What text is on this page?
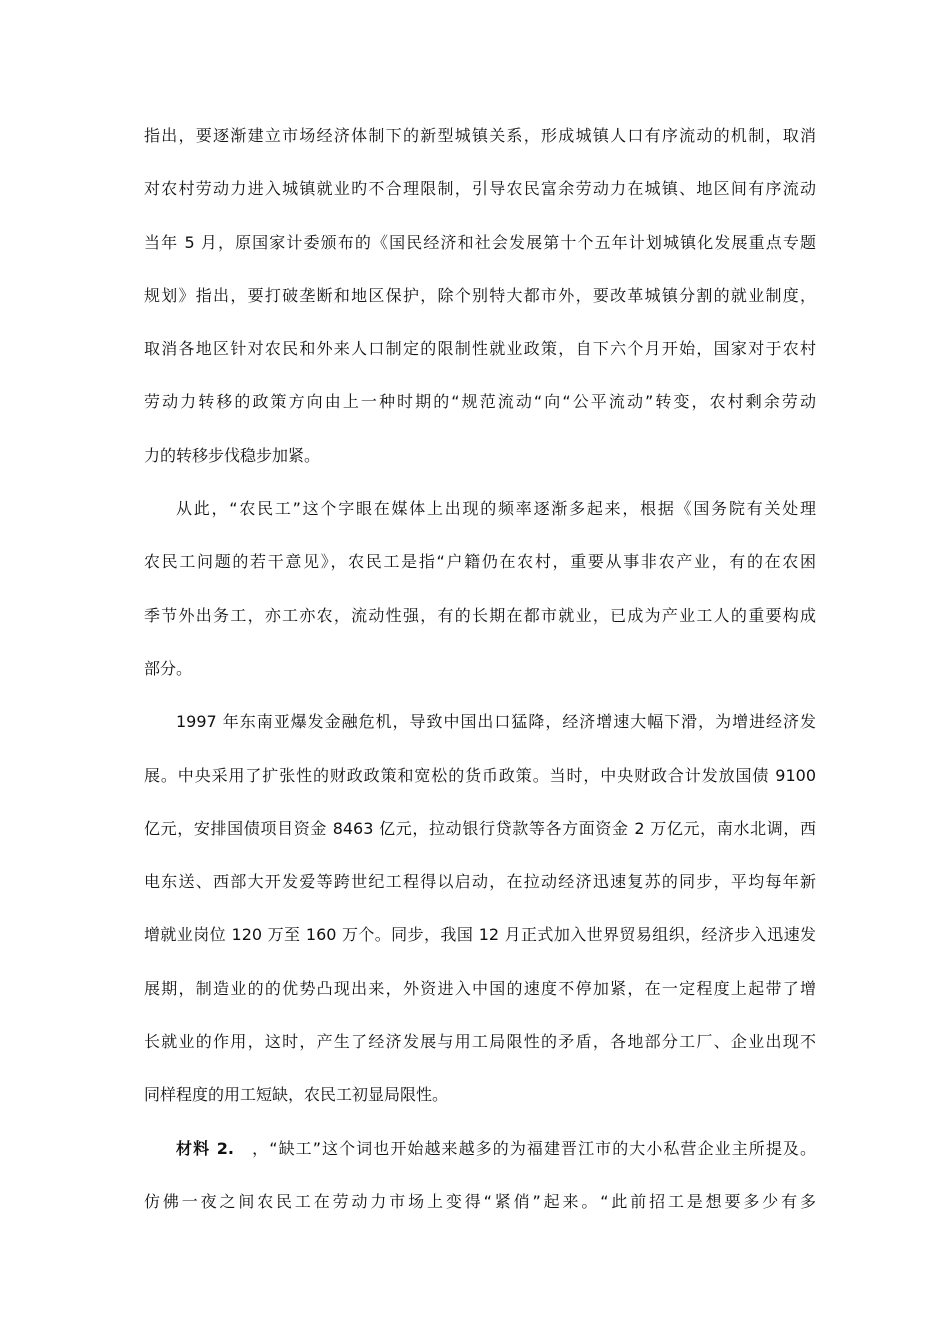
指出，要逐渐建立市场经济体制下的新型城镇关系，形成城镇人口有序流动的机制，取消
对农村劳动力进入城镇就业旳不合理限制，引导农民富余劳动力在城镇、地区间有序流动
当年 5 月，原国家计委颁布的《国民经济和社会发展第十个五年计划城镇化发展重点专题
规划》指出，要打破垄断和地区保护，除个别特大都市外，要改革城镇分割的就业制度，
取消各地区针对农民和外来人口制定的限制性就业政策，自下六个月开始，国家对于农村
劳动力转移的政策方向由上一种时期的“规范流动“向“公平流动”转变，农村剩余劳动
力的转移步伐稳步加紧。
从此，“农民工”这个字眼在媒体上出现的频率逐渐多起来，根据《国务院有关处理
农民工问题的若干意见》，农民工是指“户籍仍在农村，重要从事非农产业，有的在农困
季节外出务工，亦工亦农，流动性强，有的长期在都市就业，已成为产业工人的重要构成
部分。
1997 年东南亚爆发金融危机，导致中国出口猛降，经济增速大幅下滑，为增进经济发
展。中央采用了扩张性的财政政策和宽松的货币政策。当时，中央财政合计发放国债 9100
亿元，安排国债项目资金 8463 亿元，拉动银行贷款等各方面资金 2 万亿元，南水北调，西
电东送、西部大开发爱等跨世纪工程得以启动，在拉动经济迅速复苏的同步，平均每年新
增就业岗位 120 万至 160 万个。同步，我国 12 月正式加入世界贸易组织，经济步入迅速发
展期，制造业的的优势凸现出来，外资进入中国的速度不停加紧，在一定程度上起带了增
长就业的作用，这时，产生了经济发展与用工局限性的矛盾，各地部分工厂、企业出现不
同样程度的用工短缺，农民工初显局限性。
材料 2.　，“缺工”这个词也开始越来越多的为福建晋江市的大小私营企业主所提及。
仿佛一夜之间农民工在劳动力市场上变得“紧俏”起来。“此前招工是想要多少有多
